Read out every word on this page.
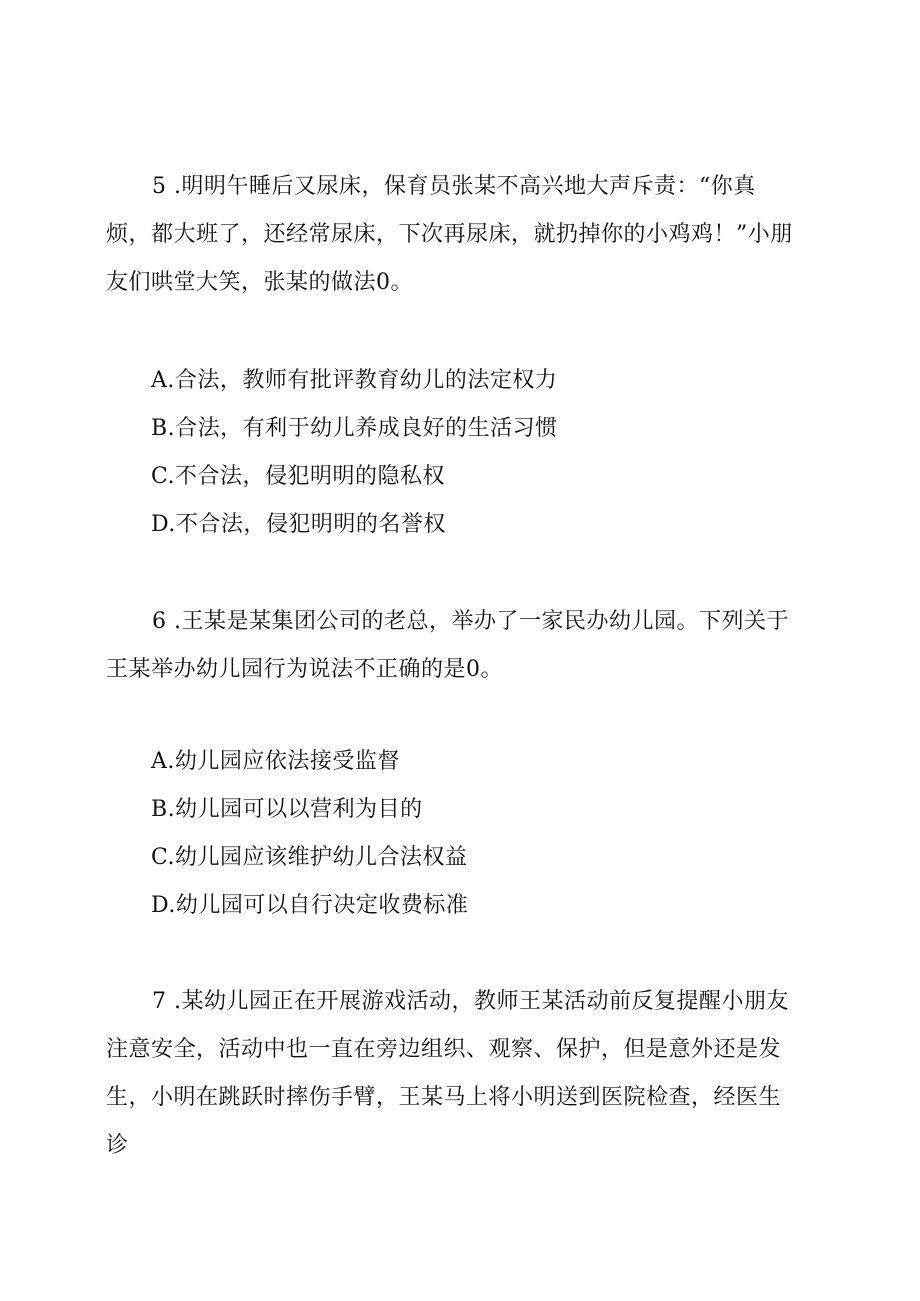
5 .明明午睡后又尿床，保育员张某不高兴地大声斥责：“你真烦，都大班了，还经常尿床，下次再尿床，就扔掉你的小鸡鸡！”小朋友们哄堂大笑，张某的做法0。

A.合法，教师有批评教育幼儿的法定权力
B.合法，有利于幼儿养成良好的生活习惯
C.不合法，侵犯明明的隐私权
D.不合法，侵犯明明的名誉权

6 .王某是某集团公司的老总，举办了一家民办幼儿园。下列关于王某举办幼儿园行为说法不正确的是0。

A.幼儿园应依法接受监督
B.幼儿园可以以营利为目的
C.幼儿园应该维护幼儿合法权益
D.幼儿园可以自行决定收费标准

7 .某幼儿园正在开展游戏活动，教师王某活动前反复提醒小朋友注意安全，活动中也一直在旁边组织、观察、保护，但是意外还是发生，小明在跳跃时摔伤手臂，王某马上将小明送到医院检查，经医生诊
